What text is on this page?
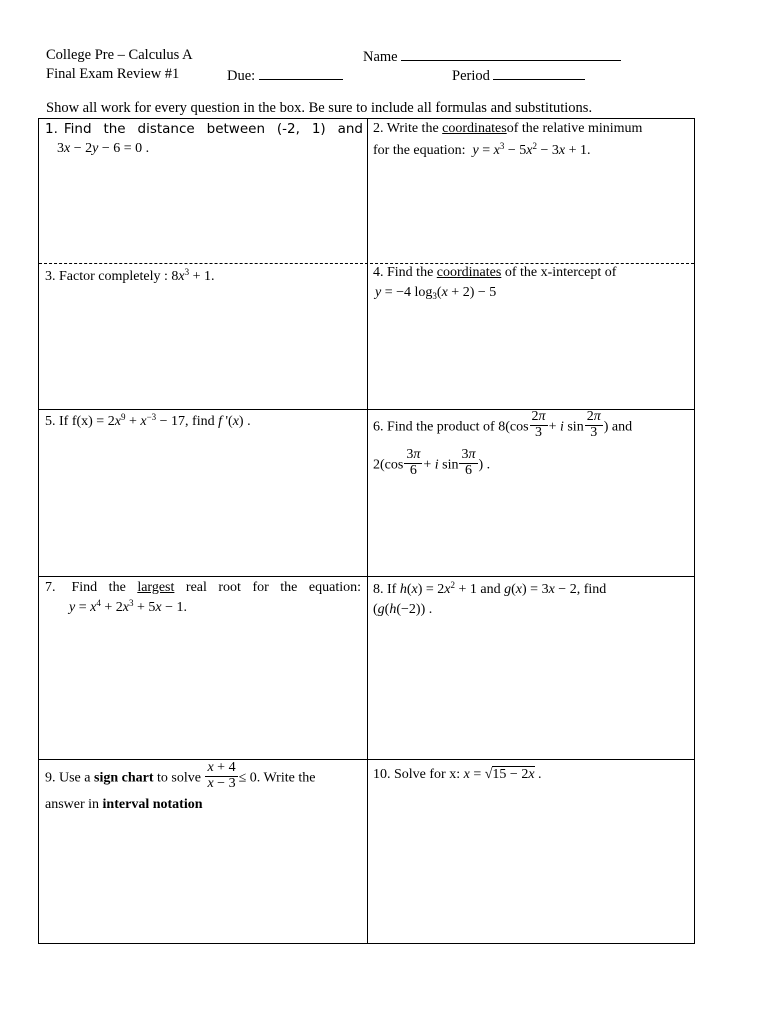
College Pre – Calculus A
Final Exam Review #1
Name
Due:	Period
Show all work for every question in the box. Be sure to include all formulas and substitutions.
1. Find the distance between (-2, 1) and
3x − 2y − 6 = 0 .
2. Write the coordinatesof the relative minimum
for the equation: $y = x^3 - 5x^2 - 3x + 1$.
3. Factor completely : $8x^3 + 1$.	4. Find the coordinates of the x-intercept of
y = −4 $\log_3(x + 2) - 5$
5. If $f(x) = 2x^9 + x^{-3} - 17$, find f '(x) .	6. Find the product of $8(\cos \frac{2\pi}{3} + i$ $\sin \frac{2\pi}{3}$ ) and
$2(\cos \frac{3\pi}{6} + i$ $\sin \frac{3\pi}{6}$ ) .
7. Find the largest real root for the equation:
$y = x^4 + 2x^3 + 5x - 1$.
8. If $h(x) = 2x^2 + 1$ and g(x) = 3x − 2, find
(g(h(−2)) .
9. Use a sign chart to solve $\frac{x + 4}{x - 3} \le 0$. Write the
answer in interval notation
10. Solve for x: x = √15 − 2x .
